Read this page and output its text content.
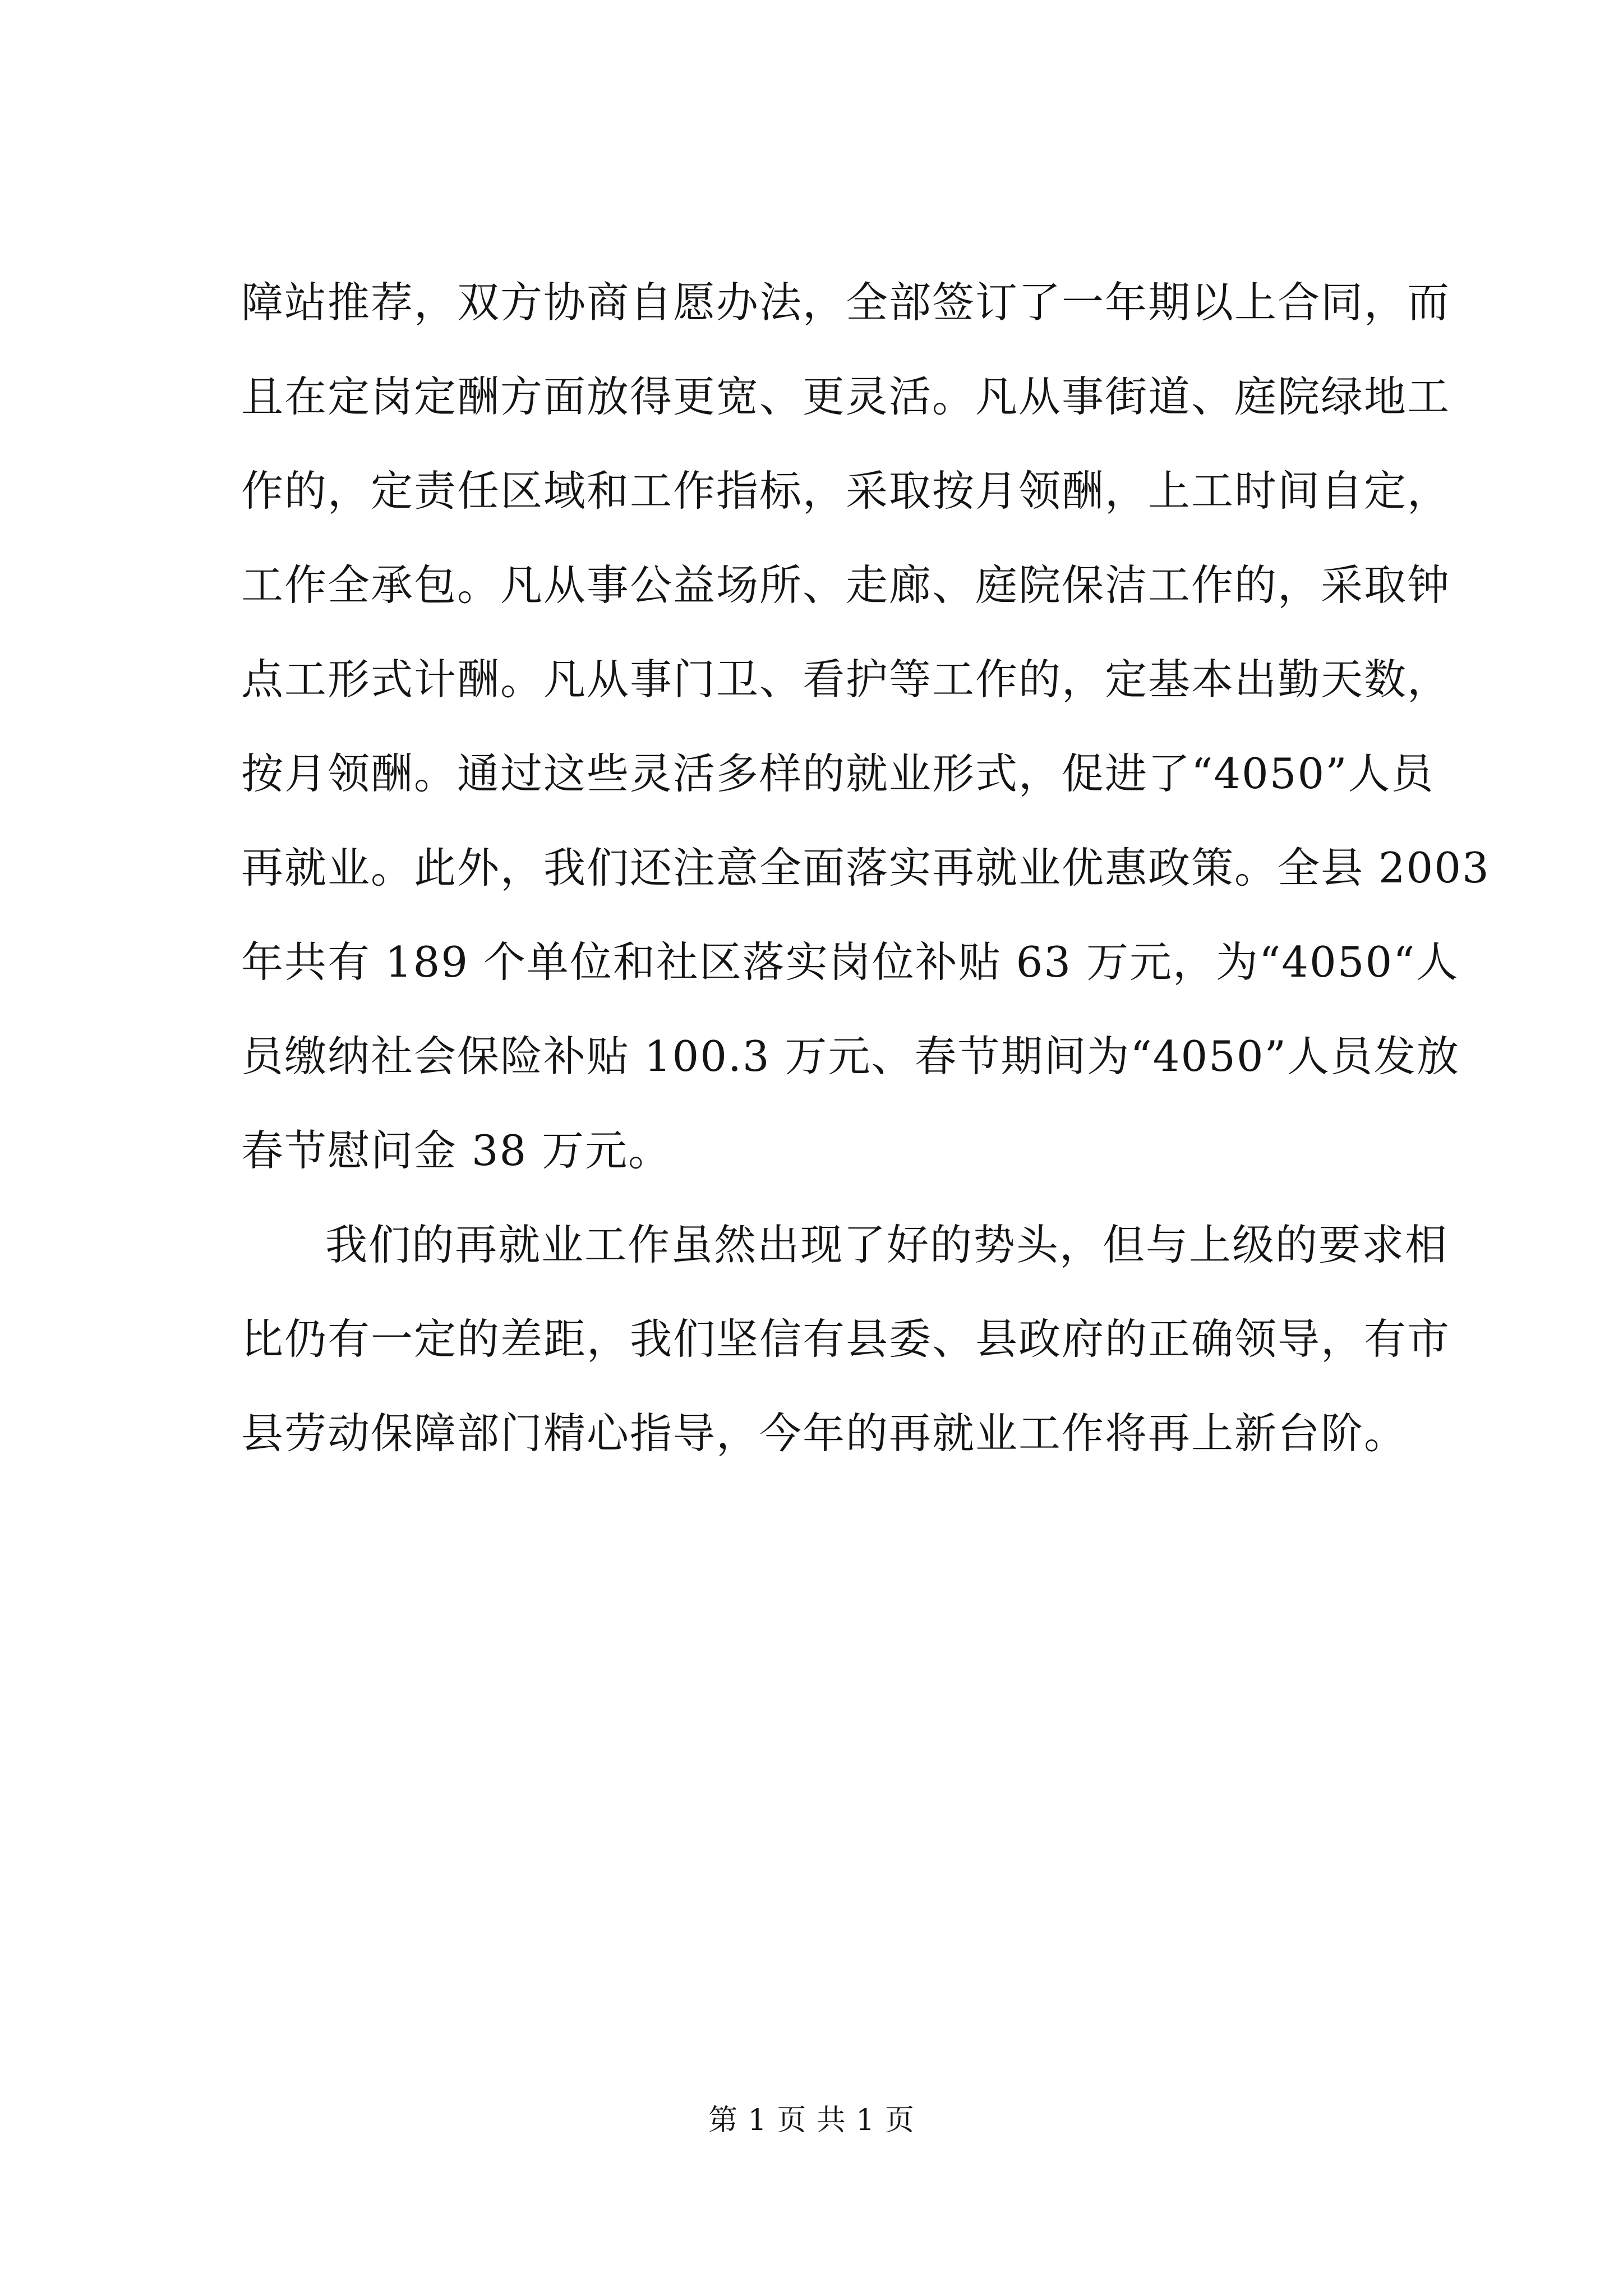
障站推荐，双方协商自愿办法，全部签订了一年期以上合同，而
且在定岗定酬方面放得更宽、更灵活。凡从事街道、庭院绿地工
作的，定责任区域和工作指标，采取按月领酬，上工时间自定，
工作全承包。凡从事公益场所、走廊、庭院保洁工作的，采取钟
点工形式计酬。凡从事门卫、看护等工作的，定基本出勤天数，
按月领酬。通过这些灵活多样的就业形式，促进了“4050”人员
再就业。此外，我们还注意全面落实再就业优惠政策。全县 2003
年共有 189 个单位和社区落实岗位补贴 63 万元，为“4050“人
员缴纳社会保险补贴 100.3 万元、春节期间为“4050”人员发放
春节慰问金 38 万元。
我们的再就业工作虽然出现了好的势头，但与上级的要求相
比仍有一定的差距，我们坚信有县委、县政府的正确领导，有市
县劳动保障部门精心指导，今年的再就业工作将再上新台阶。
第 1 页 共 1 页
